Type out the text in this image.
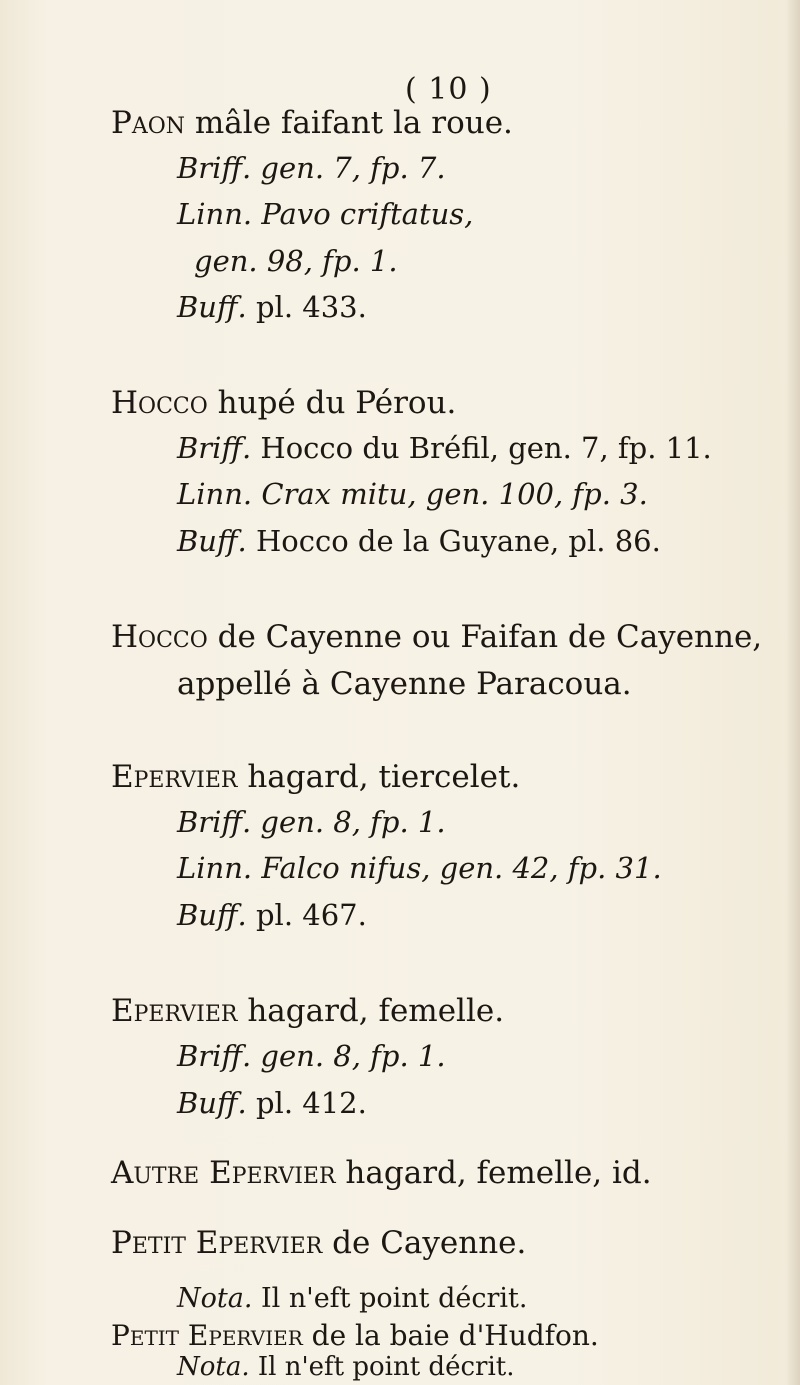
( 10 )
Paon mâle faifant la roue.
Briff. gen. 7, fp. 7.
Linn. Pavo criftatus,
gen. 98, fp. 1.
Buff. pl. 433.
Hocco hupé du Pérou.
Briff. Hocco du Bréfil, gen. 7, fp. 11.
Linn. Crax mitu, gen. 100, fp. 3.
Buff. Hocco de la Guyane, pl. 86.
Hocco de Cayenne ou Faifan de Cayenne,
appellé à Cayenne Paracoua.
Epervier hagard, tiercelet.
Briff. gen. 8, fp. 1.
Linn. Falco nifus, gen. 42, fp. 31.
Buff. pl. 467.
Epervier hagard, femelle.
Briff. gen. 8, fp. 1.
Buff. pl. 412.
Autre Epervier hagard, femelle, id.
Petit Epervier de Cayenne.
Nota. Il n'eft point décrit.
Petit Epervier de la baie d'Hudfon.
Nota. Il n'eft point décrit.
